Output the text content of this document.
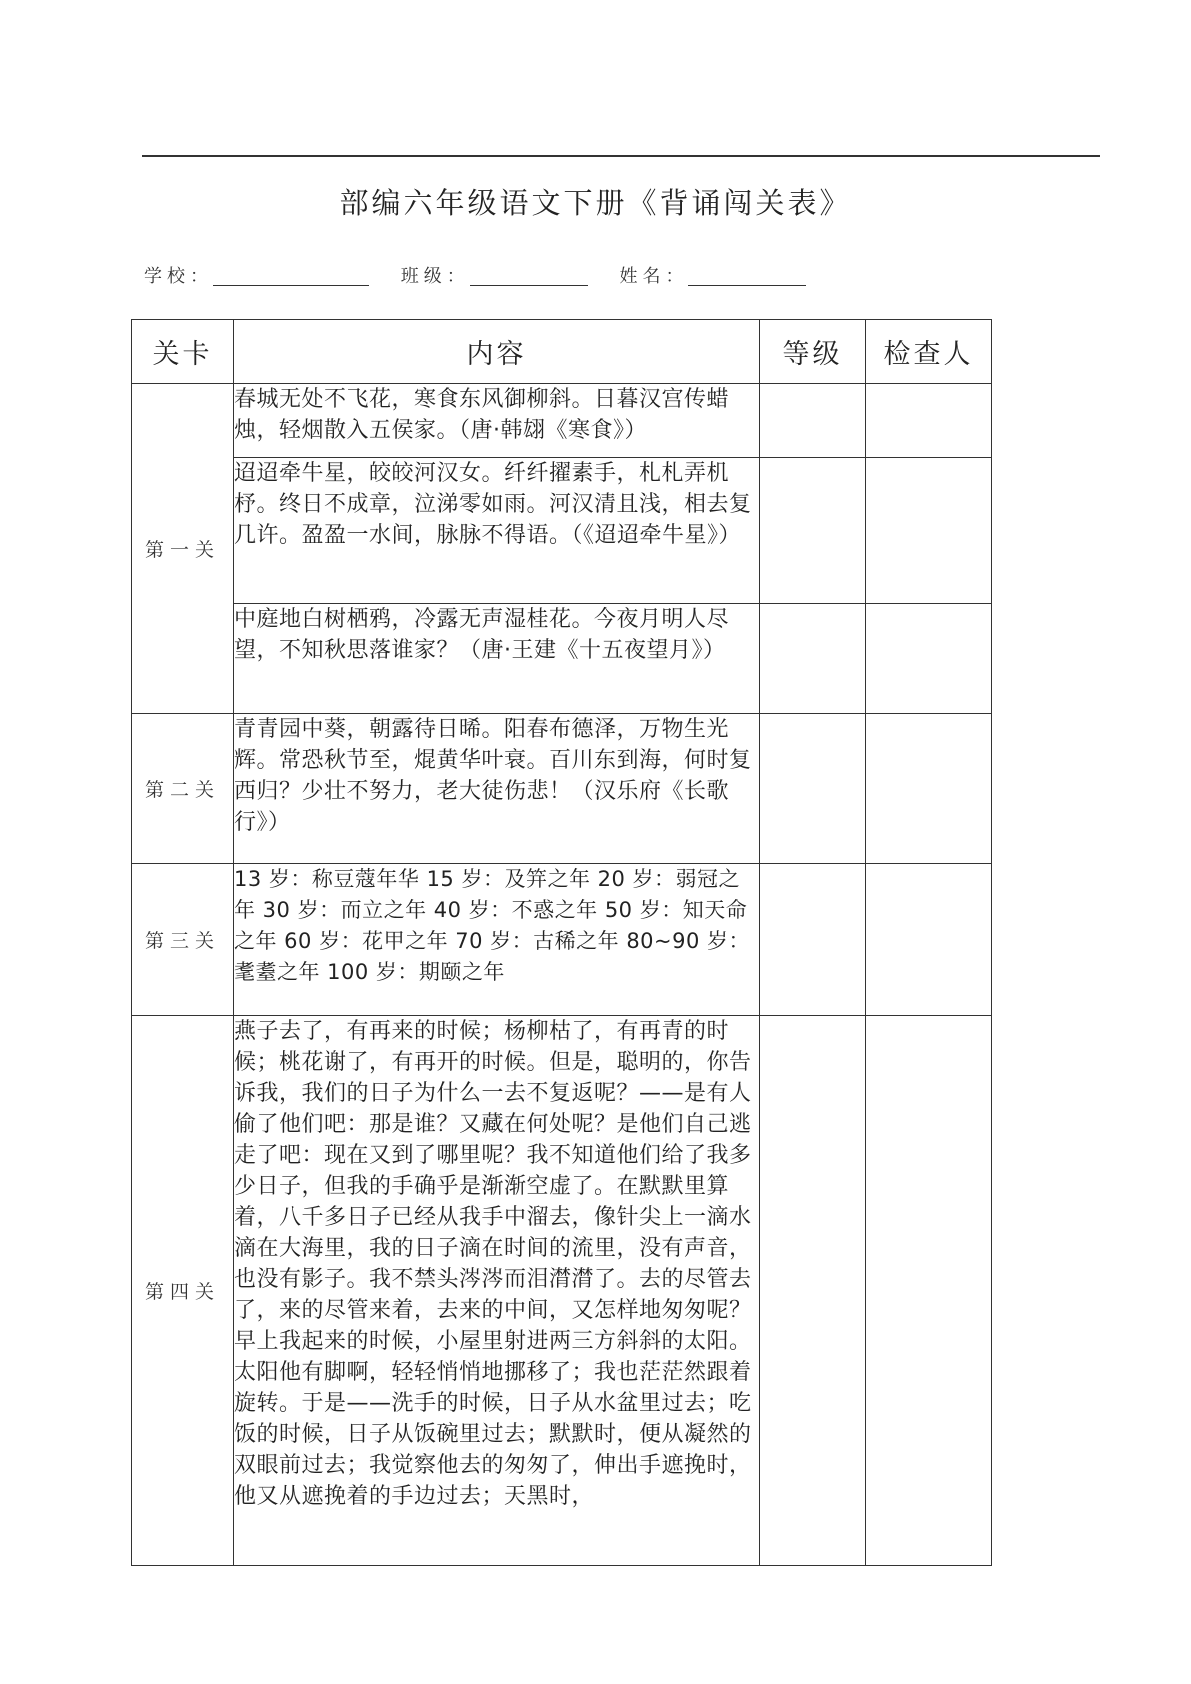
部编六年级语文下册《背诵闯关表》
学校：	班级：	姓名：
关卡	内容	等级	检查人
第一关	春城无处不飞花，寒食东风御柳斜。日暮汉宫传蜡烛，轻烟散入五侯家。（唐·韩翃《寒食》）		

	迢迢牵牛星，皎皎河汉女。纤纤擢素手，札札弄机杼。终日不成章，泣涕零如雨。河汉清且浅，相去复几许。盈盈一水间，脉脉不得语。（《迢迢牵牛星》）		

	中庭地白树栖鸦，冷露无声湿桂花。今夜月明人尽望，不知秋思落谁家？（唐·王建《十五夜望月》）		

第二关	青青园中葵，朝露待日晞。阳春布德泽，万物生光辉。常恐秋节至，焜黄华叶衰。百川东到海，何时复西归？少壮不努力，老大徒伤悲！（汉乐府《长歌行》）		

第三关	13 岁：称豆蔻年华 15 岁：及笄之年 20 岁：弱冠之年 30 岁：而立之年 40 岁：不惑之年 50 岁：知天命之年 60 岁：花甲之年 70 岁：古稀之年 80~90 岁：耄耋之年 100 岁：期颐之年		

第四关	燕子去了，有再来的时候；杨柳枯了，有再青的时候；桃花谢了，有再开的时候。但是，聪明的，你告诉我，我们的日子为什么一去不复返呢？——是有人偷了他们吧：那是谁？又藏在何处呢？是他们自己逃走了吧：现在又到了哪里呢？我不知道他们给了我多少日子，但我的手确乎是渐渐空虚了。在默默里算着，八千多日子已经从我手中溜去，像针尖上一滴水滴在大海里，我的日子滴在时间的流里，没有声音，也没有影子。我不禁头涔涔而泪潸潸了。去的尽管去了，来的尽管来着，去来的中间，又怎样地匆匆呢？早上我起来的时候，小屋里射进两三方斜斜的太阳。太阳他有脚啊，轻轻悄悄地挪移了；我也茫茫然跟着旋转。于是——洗手的时候，日子从水盆里过去；吃饭的时候，日子从饭碗里过去；默默时，便从凝然的双眼前过去；我觉察他去的匆匆了，伸出手遮挽时，他又从遮挽着的手边过去；天黑时，		
